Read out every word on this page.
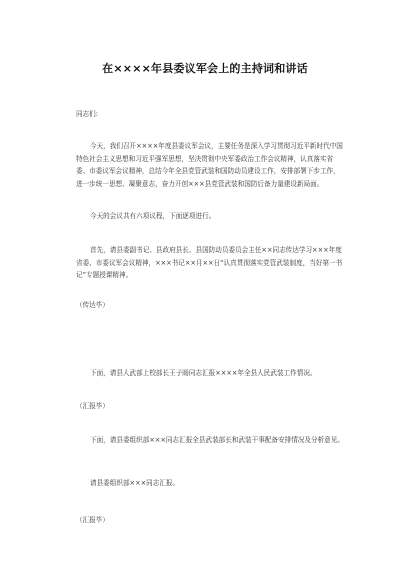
在××××年县委议军会上的主持词和讲话
同志们:
今天，我们召开××××年度县委议军会议，主要任务是深入学习贯彻习近平新时代中国特色社会主义思想和习近平强军思想，坚决贯彻中央军委政治工作会议精神，认真落实省委、市委议军会议精神，总结今年全县党管武装和国防动员建设工作，安排部署下步工作，进一步统一思想、凝聚意志，奋力开创×××县党管武装和国防后备力量建设新局面。
今天的会议共有六项议程，下面逐项进行。
首先，请县委副书记、县政府县长、县国防动员委员会主任××同志传达学习×××年度省委、市委议军会议精神，×××书记××月××日“认真贯彻落实党管武装制度，当好第一书记”专题授课精神。
（传达毕）
下面，请县人武部上校部长王子旸同志汇报××××年全县人民武装工作情况。
（汇报毕）
下面，请县委组织部×××同志汇报全县武装部长和武装干事配备安排情况及分析意见。
请县委组织部×××同志汇报。
（汇报毕）
